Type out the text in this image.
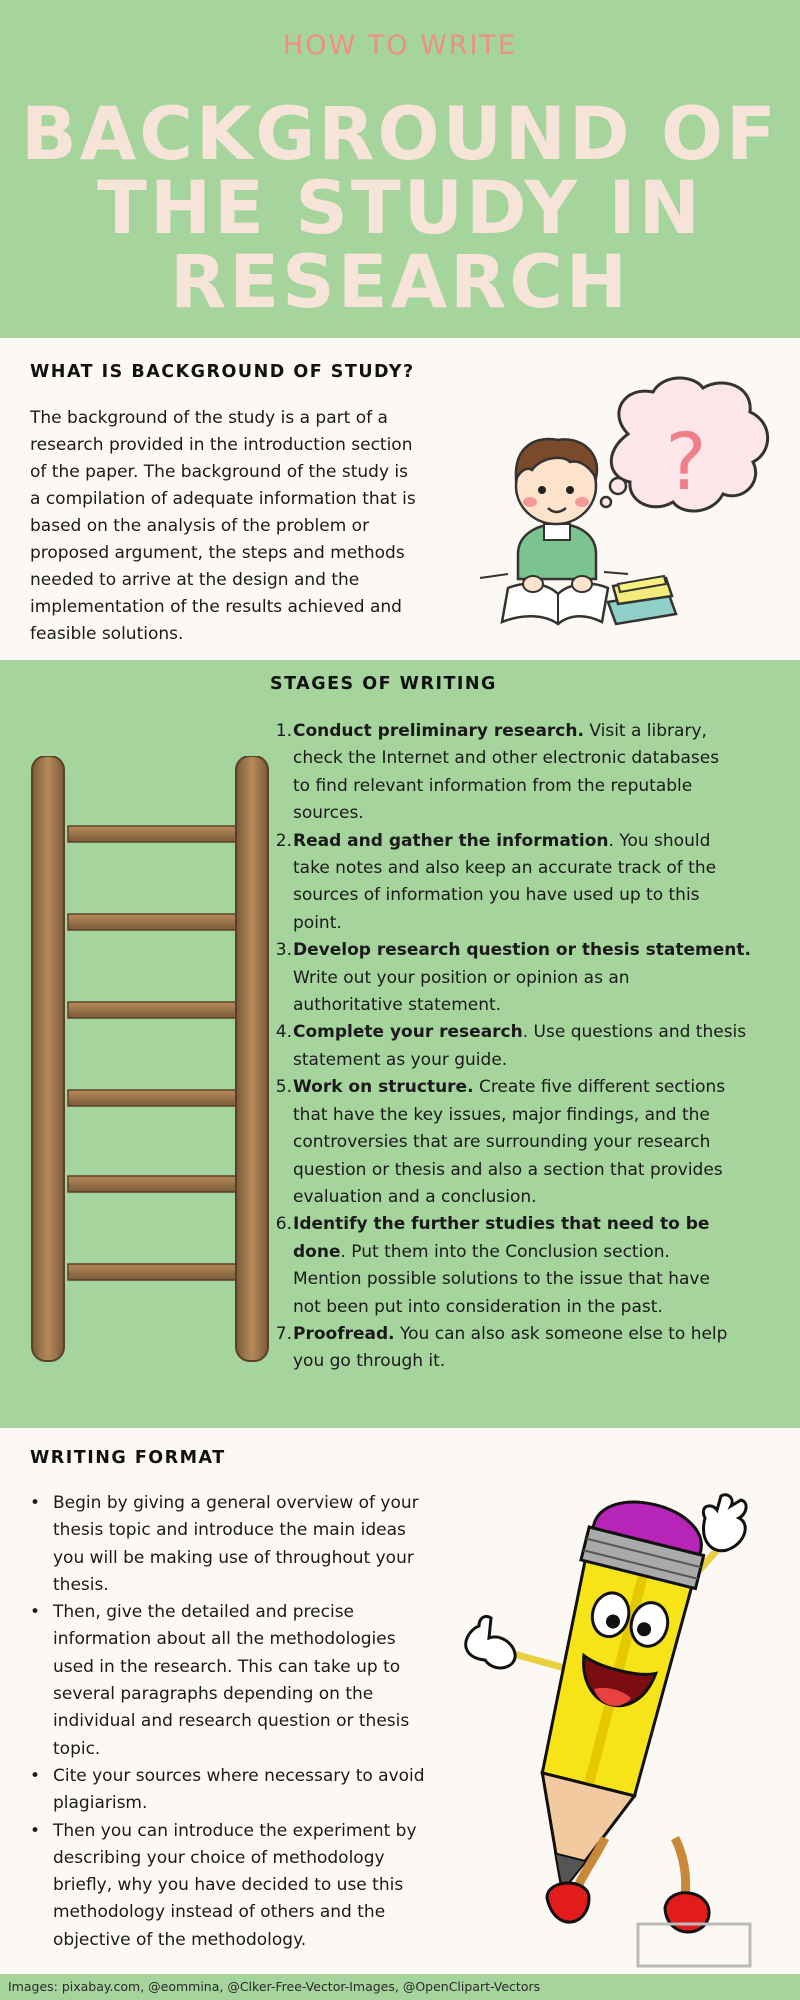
HOW TO WRITE
BACKGROUND OF
THE STUDY IN
RESEARCH
WHAT IS BACKGROUND OF STUDY?
The background of the study is a part of a
research provided in the introduction section
of the paper. The background of the study is
a compilation of adequate information that is
based on the analysis of the problem or
proposed argument, the steps and methods
needed to arrive at the design and the
implementation of the results achieved and
feasible solutions.
?
STAGES OF WRITING
1. Conduct preliminary research. Visit a library,
check the Internet and other electronic databases
to find relevant information from the reputable
sources.
2. Read and gather the information. You should
take notes and also keep an accurate track of the
sources of information you have used up to this
point.
3. Develop research question or thesis statement.
Write out your position or opinion as an
authoritative statement.
4. Complete your research. Use questions and thesis
statement as your guide.
5. Work on structure. Create five different sections
that have the key issues, major findings, and the
controversies that are surrounding your research
question or thesis and also a section that provides
evaluation and a conclusion.
6. Identify the further studies that need to be
done. Put them into the Conclusion section.
Mention possible solutions to the issue that have
not been put into consideration in the past.
7. Proofread. You can also ask someone else to help
you go through it.
WRITING FORMAT
• Begin by giving a general overview of your
thesis topic and introduce the main ideas
you will be making use of throughout your
thesis.
• Then, give the detailed and precise
information about all the methodologies
used in the research. This can take up to
several paragraphs depending on the
individual and research question or thesis
topic.
• Cite your sources where necessary to avoid
plagiarism.
• Then you can introduce the experiment by
describing your choice of methodology
briefly, why you have decided to use this
methodology instead of others and the
objective of the methodology.
Images: pixabay.com, @eommina, @Clker-Free-Vector-Images, @OpenClipart-Vectors
